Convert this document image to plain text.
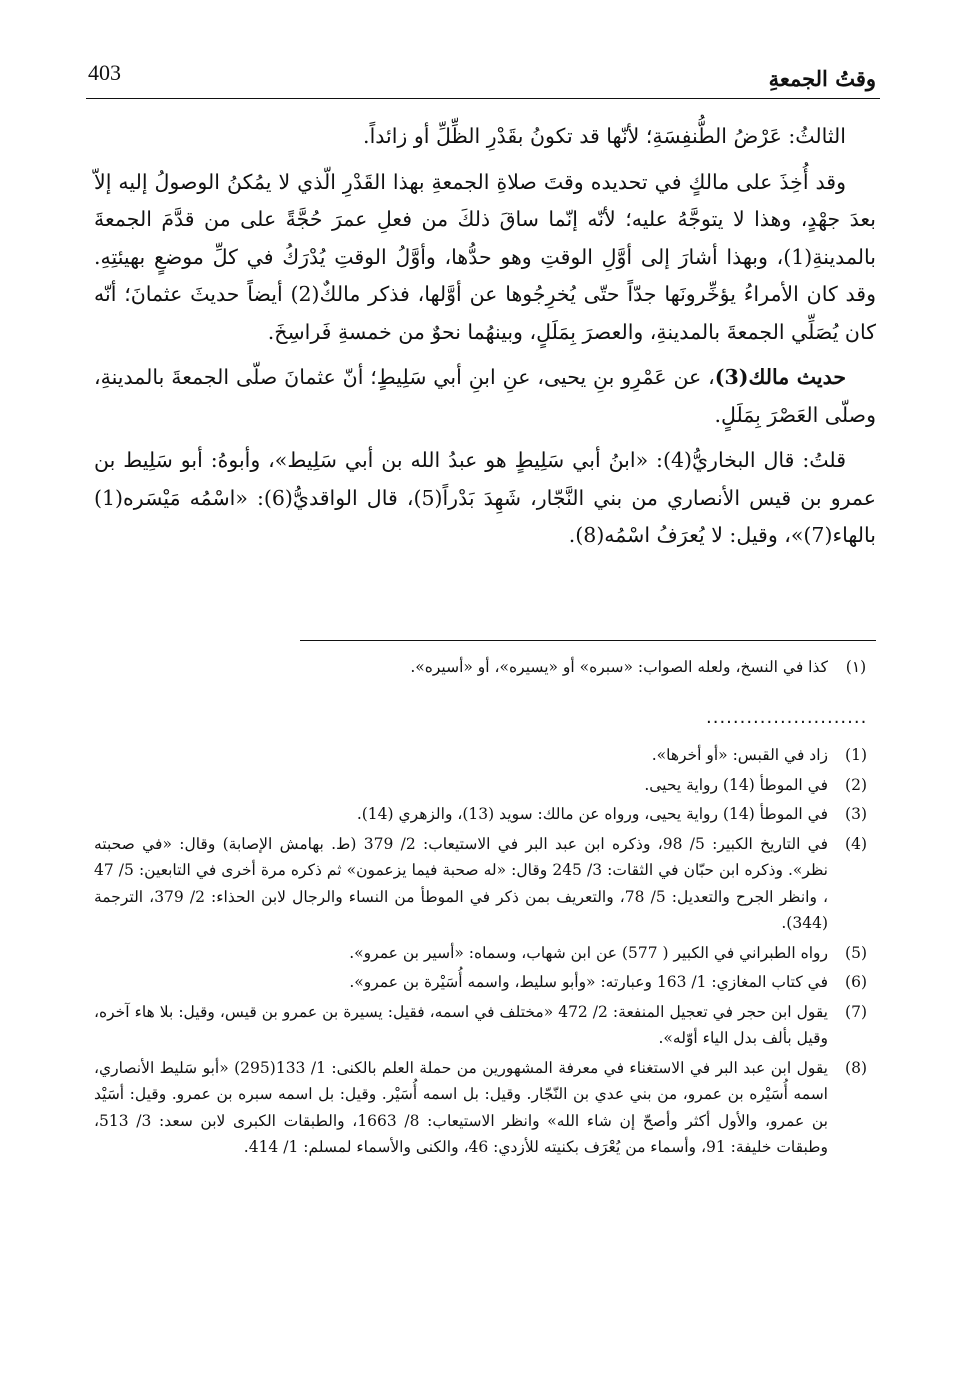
403	وقتُ الجمعةِ

الثالثُ: عَرْضُ الطُّنفِسَةِ؛ لأنّها قد تكونُ بقَدْرِ الظِّلِّ أو زائداً.

وقد أُخِذَ على مالكٍ في تحديده وقتَ صلاةِ الجمعةِ بهذا القَدْرِ الّذي لا يمُكنُ الوصولُ إليه إلاّ بعدَ جهْدٍ، وهذا لا يتوجَّهُ عليه؛ لأنّه إنّما ساقَ ذلكَ من فعلِ عمرَ حُجَّةً على من قدَّمَ الجمعةَ بالمدينةِ(1)، وبهذا أشارَ إلى أوَّلِ الوقتِ وهو حدُّها، وأوَّلُ الوقتِ يُدْرَكُ في كلِّ موضعٍ بهيئتِهِ. وقد كان الأمراءُ يؤخِّرونَها جدّاً حتّى يُخرِجُوها عن أوَّلها، فذكر مالكٌ(2) أيضاً حديثَ عثمانَ؛ أنّه كان يُصَلِّي الجمعةَ بالمدينةِ، والعصرَ بِمَلَلٍ، وبينهُما نحوٌ من خمسةِ فَراسِخَ.

حديث مالك(3)، عن عَمْرِو بنِ يحيى، عنِ ابنِ أبي سَلِيطٍ؛ أنّ عثمانَ صلّى الجمعةَ بالمدينةِ، وصلّى العَصْرَ بِمَلَلٍ.

قلتُ: قال البخاريُّ(4): «ابنُ أبي سَلِيطٍ هو عبدُ الله بن أبي سَلِيط»، وأبوهُ: أبو سَلِيط بن عمرو بن قيس الأنصاري من بني النَّجّار، شَهِدَ بَدْراً(5)، قال الواقديُّ(6): «اسْمُه مَيْسَره(1) بالهاء(7)»، وقيل: لا يُعرَفُ اسْمُه(8).

(١)
كذا في النسخ، ولعله الصواب: «سبره» أو «يسيره»، أو «أسيره».
........................
(1)
زاد في القبس: «أو أخرها».
(2)
في الموطأ (14) رواية يحيى.
(3)
في الموطأ (14) رواية يحيى، ورواه عن مالك: سويد (13)، والزهري (14).
(4)
في التاريخ الكبير: 5/ 98، وذكره ابن عبد البر في الاستيعاب: 2/ 379 (ط. بهامش الإصابة) وقال: «في صحبته نظر». وذكره ابن حبّان في الثقات: 3/ 245 وقال: «له صحبة فيما يزعمون» ثم ذكره مرة أخرى في التابعين: 5/ 47 ، وانظر الجرح والتعديل: 5/ 78، والتعريف بمن ذكر في الموطأ من النساء والرجال لابن الحذاء: 2/ 379، الترجمة (344).
(5)
رواه الطبراني في الكبير ( 577) عن ابن شهاب، وسماه: «أسير بن عمرو».
(6)
في كتاب المغازي: 1/ 163 وعبارته: «وأبو سليط، واسمه أُسَيْرة بن عمرو».
(7)
يقول ابن حجر في تعجيل المنفعة: 2/ 472 «مختلف في اسمه، فقيل: يسيرة بن عمرو بن قيس، وقيل: بلا هاء آخره، وقيل بألف بدل الياء أوّله».
(8)
يقول ابن عبد البر في الاستغناء في معرفة المشهورين من حملة العلم بالكنى: 1/ 133(295) «أبو سَليط الأنصاري، اسمه أُسَيْره بن عمرو، من بني عدي بن النّجّار. وقيل: بل اسمه أُسَيْر. وقيل: بل اسمه سبره بن عمرو. وقيل: أسَيْد بن عمرو، والأول أكثر وأصحّ إن شاء الله» وانظر الاستيعاب: 8/ 1663، والطبقات الكبرى لابن سعد: 3/ 513، وطبقات خليفة: 91، وأسماء من يُعْرَف بكنيته للأزدي: 46، والكنى والأسماء لمسلم: 1/ 414.
